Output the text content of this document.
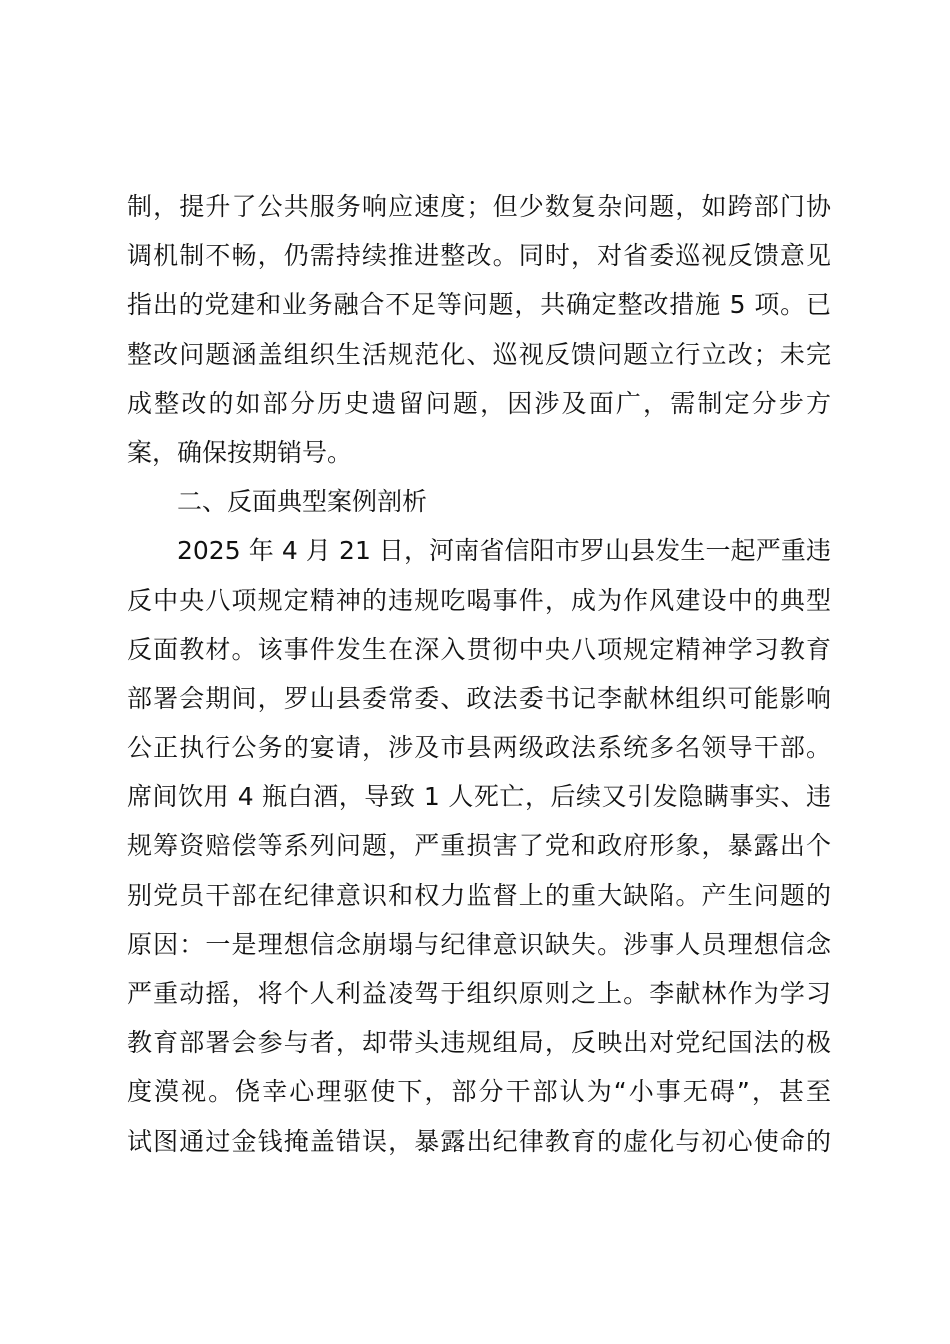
制，提升了公共服务响应速度；但少数复杂问题，如跨部门协
调机制不畅，仍需持续推进整改。同时，对省委巡视反馈意见
指出的党建和业务融合不足等问题，共确定整改措施 5 项。已
整改问题涵盖组织生活规范化、巡视反馈问题立行立改；未完
成整改的如部分历史遗留问题，因涉及面广，需制定分步方
案，确保按期销号。
二、反面典型案例剖析
2025 年 4 月 21 日，河南省信阳市罗山县发生一起严重违
反中央八项规定精神的违规吃喝事件，成为作风建设中的典型
反面教材。该事件发生在深入贯彻中央八项规定精神学习教育
部署会期间，罗山县委常委、政法委书记李献林组织可能影响
公正执行公务的宴请，涉及市县两级政法系统多名领导干部。
席间饮用 4 瓶白酒，导致 1 人死亡，后续又引发隐瞒事实、违
规筹资赔偿等系列问题，严重损害了党和政府形象，暴露出个
别党员干部在纪律意识和权力监督上的重大缺陷。产生问题的
原因：一是理想信念崩塌与纪律意识缺失。涉事人员理想信念
严重动摇，将个人利益凌驾于组织原则之上。李献林作为学习
教育部署会参与者，却带头违规组局，反映出对党纪国法的极
度漠视。侥幸心理驱使下，部分干部认为“小事无碍”，甚至
试图通过金钱掩盖错误，暴露出纪律教育的虚化与初心使命的
